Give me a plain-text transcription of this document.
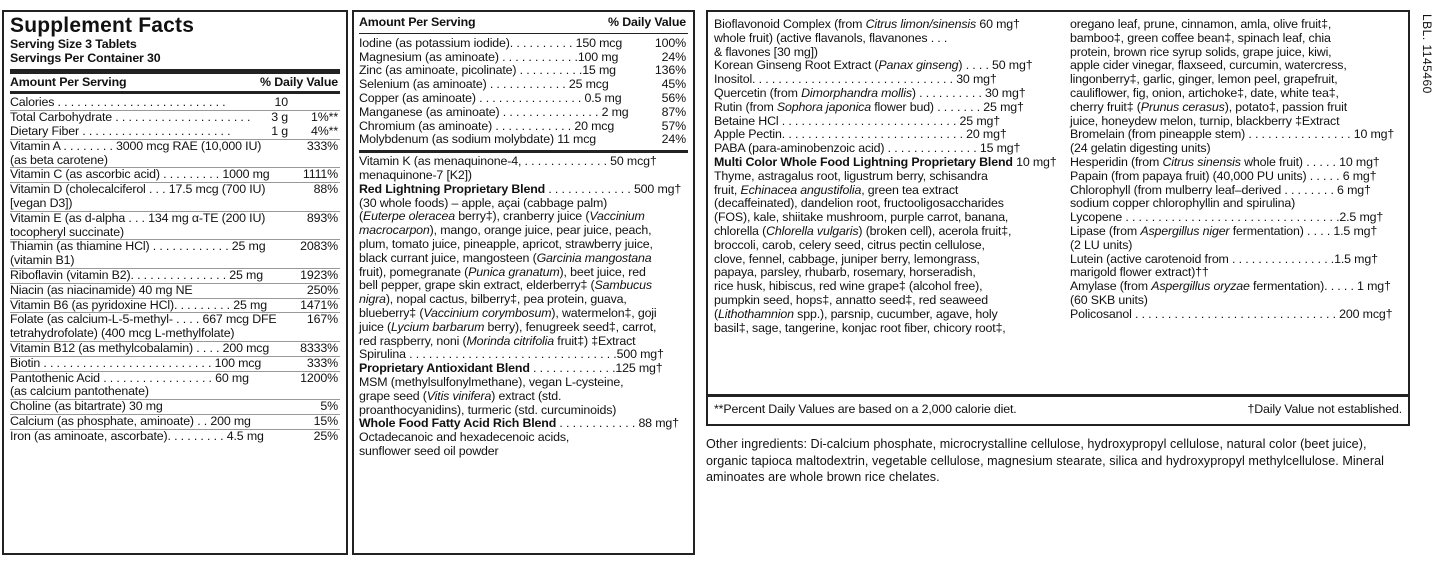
Supplement Facts
Serving Size 3 Tablets
Servings Per Container 30
Amount Per Serving	% Daily Value
Calories . . . . . . . . . . . . . . . . . . . . . . . . . .	10
Total Carbohydrate . . . . . . . . . . . . . . . . . . . . . 3 g 1%**
Dietary Fiber . . . . . . . . . . . . . . . . . . . . . . .	1 g 4%**
Vitamin A . . . . . . . . 3000 mcg RAE (10,000 IU)	333%
(as beta carotene)
Vitamin C (as ascorbic acid) . . . . . . . . . 1000 mg	1111%
Vitamin D (cholecalciferol . . . 17.5 mcg (700 IU)	88%
[vegan D3])
Vitamin E (as d-alpha . . . 134 mg α-TE (200 IU)	893%
tocopheryl succinate)
Thiamin (as thiamine HCl) . . . . . . . . . . . . 25 mg	2083%
(vitamin B1)
Riboflavin (vitamin B2). . . . . . . . . . . . . . . 25 mg	1923%
Niacin (as niacinamide) 40 mg NE	250%
Vitamin B6 (as pyridoxine HCl). . . . . . . . . 25 mg	1471%
Folate (as calcium-L-5-methyl- . . . . 667 mcg DFE 167%
tetrahydrofolate) (400 mcg L-methylfolate)
Vitamin B12 (as methylcobalamin) . . . . 200 mcg	8333%
Biotin . . . . . . . . . . . . . . . . . . . . . . . . . . 100 mcg	333%
Pantothenic Acid . . . . . . . . . . . . . . . . . 60 mg	1200%
(as calcium pantothenate)
Choline (as bitartrate) 30 mg	5%
Calcium (as phosphate, aminoate) . . 200 mg	15%
Iron (as aminoate, ascorbate). . . . . . . . . 4.5 mg	25%
Amount Per Serving	% Daily Value
Iodine (as potassium iodide). . . . . . . . . . 150 mcg	100%
Magnesium (as aminoate) . . . . . . . . . . . .100 mg	24%
Zinc (as aminoate, picolinate) . . . . . . . . . .15 mg	136%
Selenium (as aminoate) . . . . . . . . . . . . 25 mcg	45%
Copper (as aminoate) . . . . . . . . . . . . . . . . 0.5 mg	56%
Manganese (as aminoate) . . . . . . . . . . . . . . . 2 mg	87%
Chromium (as aminoate) . . . . . . . . . . . . 20 mcg	57%
Molybdenum (as sodium molybdate) 11 mcg	24%
Vitamin K (as menaquinone-4, . . . . . . . . . . . . . 50 mcg†
menaquinone-7 [K2])
Red Lightning Proprietary Blend . . . . . . . . . . . . . 500 mg†
(30 whole foods) – apple, açai (cabbage palm)
(Euterpe oleracea berry‡), cranberry juice (Vaccinium
macrocarpon), mango, orange juice, pear juice, peach,
plum, tomato juice, pineapple, apricot, strawberry juice,
black currant juice, mangosteen (Garcinia mangostana
fruit), pomegranate (Punica granatum), beet juice, red
bell pepper, grape skin extract, elderberry‡ (Sambucus
nigra), nopal cactus, bilberry‡, pea protein, guava,
blueberry‡ (Vaccinium corymbosum), watermelon‡, goji
juice (Lycium barbarum berry), fenugreek seed‡, carrot,
red raspberry, noni (Morinda citrifolia fruit‡) ‡Extract
Spirulina . . . . . . . . . . . . . . . . . . . . . . . . . . . . . . . .500 mg†
Proprietary Antioxidant Blend . . . . . . . . . . . . .125 mg†
MSM (methylsulfonylmethane), vegan L-cysteine,
grape seed (Vitis vinifera) extract (std.
proanthocyanidins), turmeric (std. curcuminoids)
Whole Food Fatty Acid Rich Blend . . . . . . . . . . . . 88 mg†
Octadecanoic and hexadecenoic acids,
sunflower seed oil powder
Bioflavonoid Complex (from Citrus limon/sinensis 60 mg†
whole fruit) (active flavanols, flavanones . . .
& flavones [30 mg])
Korean Ginseng Root Extract (Panax ginseng) . . . . 50 mg†
Inositol. . . . . . . . . . . . . . . . . . . . . . . . . . . . . . . 30 mg†
Quercetin (from Dimorphandra mollis) . . . . . . . . . . 30 mg†
Rutin (from Sophora japonica flower bud) . . . . . . . 25 mg†
Betaine HCl . . . . . . . . . . . . . . . . . . . . . . . . . . . 25 mg†
Apple Pectin. . . . . . . . . . . . . . . . . . . . . . . . . . . . 20 mg†
PABA (para-aminobenzoic acid) . . . . . . . . . . . . . . 15 mg†
Multi Color Whole Food Lightning Proprietary Blend 10 mg†
Thyme, astragalus root, ligustrum berry, schisandra
fruit, Echinacea angustifolia, green tea extract
(decaffeinated), dandelion root, fructooligosaccharides
(FOS), kale, shiitake mushroom, purple carrot, banana,
chlorella (Chlorella vulgaris) (broken cell), acerola fruit‡,
broccoli, carob, celery seed, citrus pectin cellulose,
clove, fennel, cabbage, juniper berry, lemongrass,
papaya, parsley, rhubarb, rosemary, horseradish,
rice husk, hibiscus, red wine grape‡ (alcohol free),
pumpkin seed, hops‡, annatto seed‡, red seaweed
(Lithothamnion spp.), parsnip, cucumber, agave, holy
basil‡, sage, tangerine, konjac root fiber, chicory root‡,
oregano leaf, prune, cinnamon, amla, olive fruit‡,
bamboo‡, green coffee bean‡, spinach leaf, chia
protein, brown rice syrup solids, grape juice, kiwi,
apple cider vinegar, flaxseed, curcumin, watercress,
lingonberry‡, garlic, ginger, lemon peel, grapefruit,
cauliflower, fig, onion, artichoke‡, date, white tea‡,
cherry fruit‡ (Prunus cerasus), potato‡, passion fruit
juice, honeydew melon, turnip, blackberry ‡Extract
Bromelain (from pineapple stem) . . . . . . . . . . . . . . . . 10 mg†
(24 gelatin digesting units)
Hesperidin (from Citrus sinensis whole fruit) . . . . . 10 mg†
Papain (from papaya fruit) (40,000 PU units) . . . . . 6 mg†
Chlorophyll (from mulberry leaf–derived . . . . . . . . 6 mg†
sodium copper chlorophyllin and spirulina)
Lycopene . . . . . . . . . . . . . . . . . . . . . . . . . . . . . . . . .2.5 mg†
Lipase (from Aspergillus niger fermentation) . . . . 1.5 mg†
(2 LU units)
Lutein (active carotenoid from . . . . . . . . . . . . . . . .1.5 mg†
marigold flower extract)††
Amylase (from Aspergillus oryzae fermentation). . . . . 1 mg†
(60 SKB units)
Policosanol . . . . . . . . . . . . . . . . . . . . . . . . . . . . . . . 200 mcg†
**Percent Daily Values are based on a 2,000 calorie diet.	†Daily Value not established.
Other ingredients: Di-calcium phosphate, microcrystalline cellulose, hydroxypropyl cellulose, natural color (beet juice), organic tapioca maltodextrin, vegetable cellulose, magnesium stearate, silica and hydroxypropyl methylcellulose. Mineral aminoates are whole brown rice chelates.
LBL. 1145460
